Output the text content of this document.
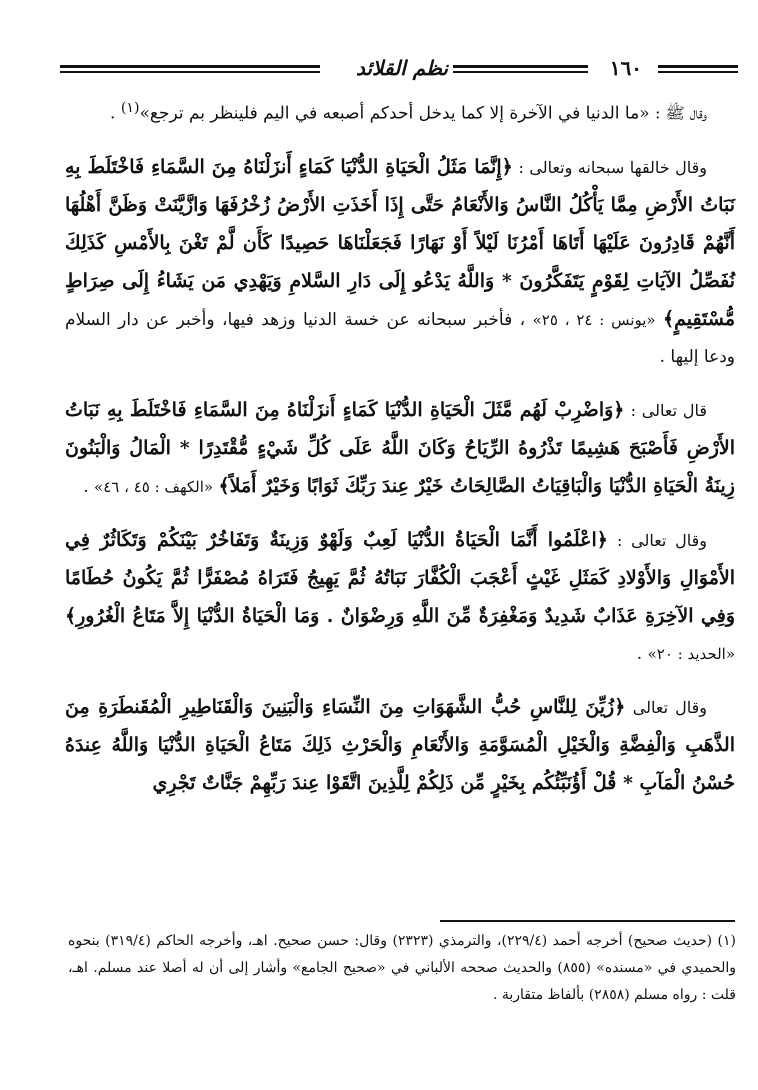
١٦٠
نظم القلائد

وقال ﷺ : «ما الدنيا في الآخرة إلا كما يدخل أحدكم أصبعه في اليم فلينظر بم ترجع»$^{(١)}$ .

وقال خالقها سبحانه وتعالى : ﴿إِنَّمَا مَثَلُ الْحَيَاةِ الدُّنْيَا كَمَاءٍ أَنزَلْنَاهُ مِنَ السَّمَاءِ فَاخْتَلَطَ بِهِ نَبَاتُ الأَرْضِ مِمَّا يَأْكُلُ النَّاسُ وَالأَنْعَامُ حَتَّى إِذَا أَخَذَتِ الأَرْضُ زُخْرُفَهَا وَازَّيَّنَتْ وَظَنَّ أَهْلُهَا أَنَّهُمْ قَادِرُونَ عَلَيْهَا أَتَاهَا أَمْرُنَا لَيْلاً أَوْ نَهَارًا فَجَعَلْنَاهَا حَصِيدًا كَأَن لَّمْ تَغْنَ بِالأَمْسِ كَذَلِكَ نُفَصِّلُ الآيَاتِ لِقَوْمٍ يَتَفَكَّرُونَ * وَاللَّهُ يَدْعُو إِلَى دَارِ السَّلامِ وَيَهْدِي مَن يَشَاءُ إِلَى صِرَاطٍ مُّسْتَقِيمٍ﴾ «يونس : ٢٤ ، ٢٥» ، فأخبر سبحانه عن خسة الدنيا وزهد فيها، وأخبر عن دار السلام ودعا إليها .

قال تعالى : ﴿وَاضْرِبْ لَهُم مَّثَلَ الْحَيَاةِ الدُّنْيَا كَمَاءٍ أَنزَلْنَاهُ مِنَ السَّمَاءِ فَاخْتَلَطَ بِهِ نَبَاتُ الأَرْضِ فَأَصْبَحَ هَشِيمًا تَذْرُوهُ الرِّيَاحُ وَكَانَ اللَّهُ عَلَى كُلِّ شَيْءٍ مُّقْتَدِرًا * الْمَالُ وَالْبَنُونَ زِينَةُ الْحَيَاةِ الدُّنْيَا وَالْبَاقِيَاتُ الصَّالِحَاتُ خَيْرٌ عِندَ رَبِّكَ ثَوَابًا وَخَيْرٌ أَمَلاً﴾ «الكهف : ٤٥ ، ٤٦» .

وقال تعالى : ﴿اعْلَمُوا أَنَّمَا الْحَيَاةُ الدُّنْيَا لَعِبٌ وَلَهْوٌ وَزِينَةٌ وَتَفَاخُرٌ بَيْنَكُمْ وَتَكَاثُرٌ فِي الأَمْوَالِ وَالأَوْلادِ كَمَثَلِ غَيْثٍ أَعْجَبَ الْكُفَّارَ نَبَاتُهُ ثُمَّ يَهِيجُ فَتَرَاهُ مُصْفَرًّا ثُمَّ يَكُونُ حُطَامًا وَفِي الآخِرَةِ عَذَابٌ شَدِيدٌ وَمَغْفِرَةٌ مِّنَ اللَّهِ وَرِضْوَانٌ . وَمَا الْحَيَاةُ الدُّنْيَا إِلاَّ مَتَاعُ الْغُرُورِ﴾ «الحديد : ٢٠» .

وقال تعالى ﴿زُيِّنَ لِلنَّاسِ حُبُّ الشَّهَوَاتِ مِنَ النِّسَاءِ وَالْبَنِينَ وَالْقَنَاطِيرِ الْمُقَنطَرَةِ مِنَ الذَّهَبِ وَالْفِضَّةِ وَالْخَيْلِ الْمُسَوَّمَةِ وَالأَنْعَامِ وَالْحَرْثِ ذَلِكَ مَتَاعُ الْحَيَاةِ الدُّنْيَا وَاللَّهُ عِندَهُ حُسْنُ الْمَآبِ * قُلْ أَؤُنَبِّئُكُم بِخَيْرٍ مِّن ذَلِكُمْ لِلَّذِينَ اتَّقَوْا عِندَ رَبِّهِمْ جَنَّاتٌ تَجْرِي

(١) (حديث صحيح) أخرجه أحمد (٢٢٩/٤)، والترمذي (٢٣٢٣) وقال: حسن صحيح. اهـ، وأخرجه الحاكم (٣١٩/٤) بنحوه والحميدي في «مسنده» (٨٥٥) والحديث صححه الألباني في «صحيح الجامع» وأشار إلى أن له أصلا عند مسلم. اهـ، قلت : رواه مسلم (٢٨٥٨) بألفاظ متقاربة .
